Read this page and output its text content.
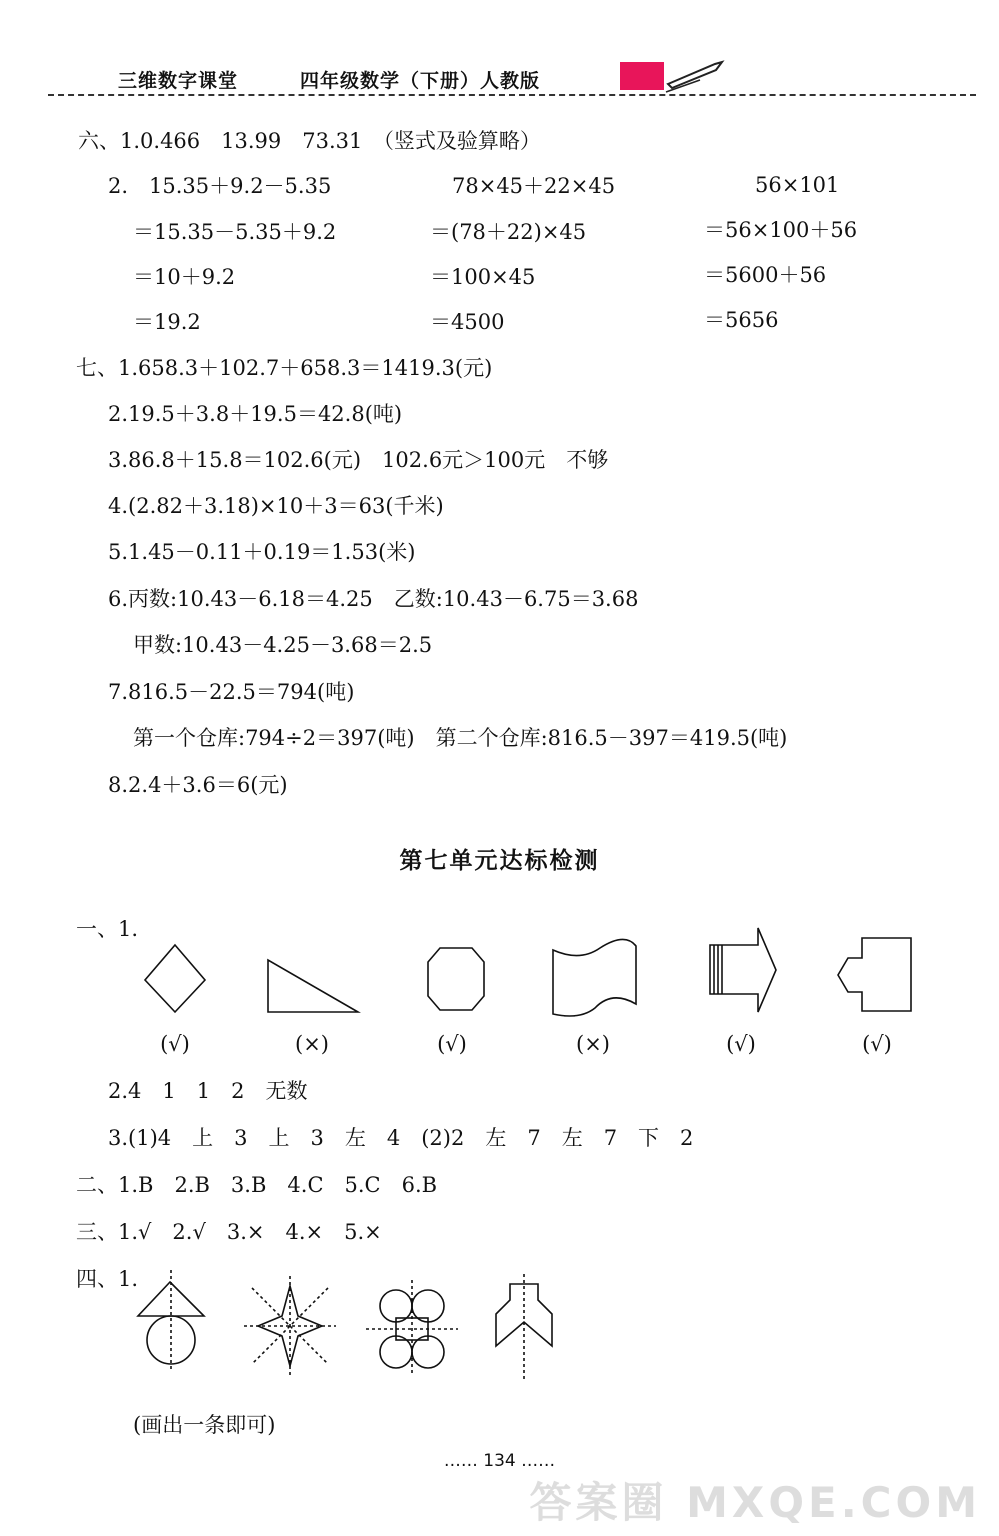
三维数字课堂	四年级数学（下册）人教版
六、1.0.466　13.99　73.31　（竖式及验算略）
2.　15.35＋9.2－5.35	78×45＋22×45	56×101
＝15.35－5.35＋9.2	＝(78＋22)×45	＝56×100＋56
＝10＋9.2	＝100×45	＝5600＋56
＝19.2	＝4500	＝5656
七、1.658.3＋102.7＋658.3＝1419.3(元)
2.19.5＋3.8＋19.5＝42.8(吨)
3.86.8＋15.8＝102.6(元)　102.6元＞100元　不够
4.(2.82＋3.18)×10＋3＝63(千米)
5.1.45－0.11＋0.19＝1.53(米)
6.丙数:10.43－6.18＝4.25　乙数:10.43－6.75＝3.68
甲数:10.43－4.25－3.68＝2.5
7.816.5－22.5＝794(吨)
第一个仓库:794÷2＝397(吨)　第二个仓库:816.5－397＝419.5(吨)
8.2.4＋3.6＝6(元)
第七单元达标检测
一、1.
(√)	(×)	(√)	(×)	(√)	(√)
2.4　1　1　2　无数
3.(1)4　上　3　上　3　左　4　(2)2　左　7　左　7　下　2
二、1.B　2.B　3.B　4.C　5.C　6.B
三、1.√　2.√　3.×　4.×　5.×
四、1.
(画出一条即可)
…… 134 ……
答案圈 MXQE.COM
